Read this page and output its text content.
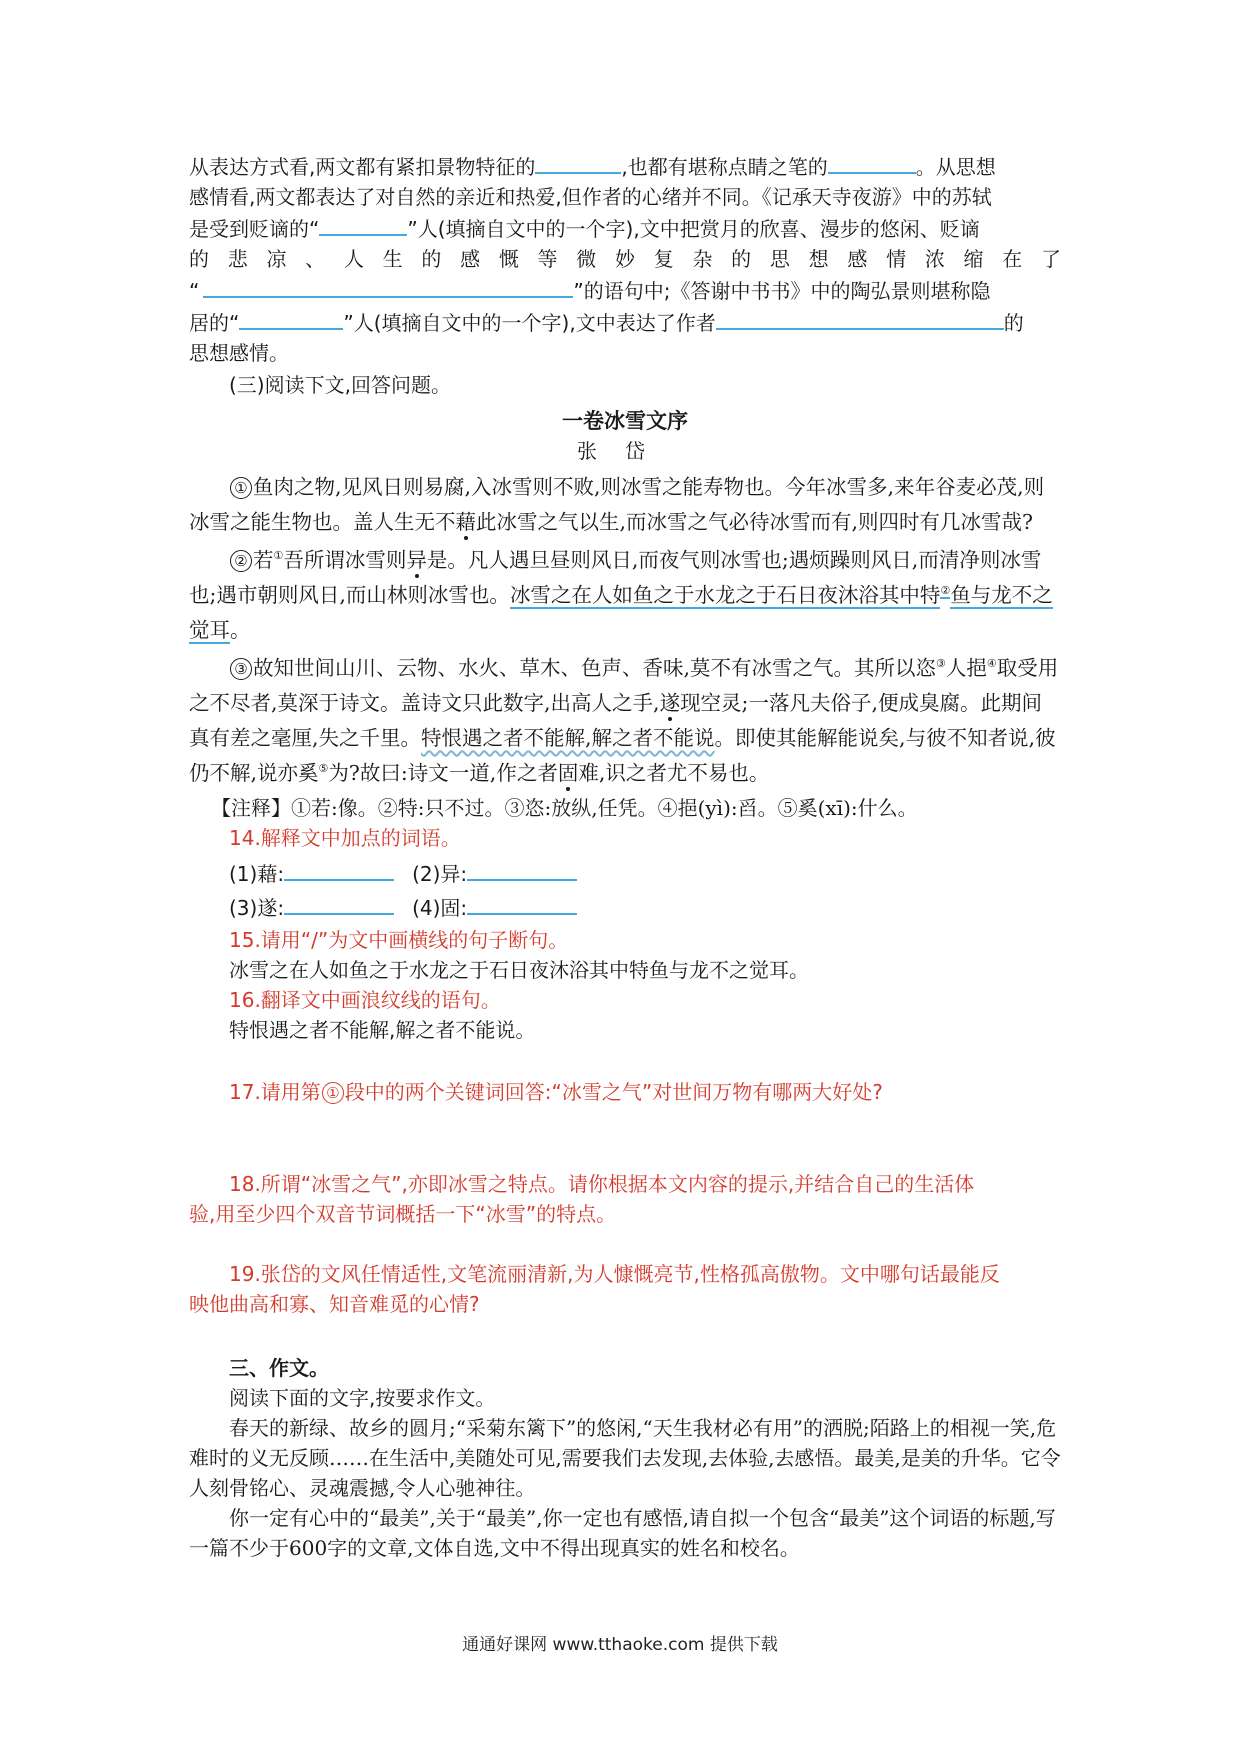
从表达方式看,两文都有紧扣景物特征的	,也都有堪称点睛之笔的	。从思想

感情看,两文都表达了对自然的亲近和热爱,但作者的心绪并不同。《记承天寺夜游》中的苏轼

是受到贬谪的“	”人(填摘自文中的一个字),文中把赏月的欣喜、漫步的悠闲、贬谪

的悲凉、人生的感慨等微妙复杂的思想感情浓缩在了

“	”的语句中;《答谢中书书》中的陶弘景则堪称隐

居的“	”人(填摘自文中的一个字),文中表达了作者	的

思想感情。

(三)阅读下文,回答问题。

一卷冰雪文序
张岱

① 鱼肉之物,见风日则易腐,入冰雪则不败,则冰雪之能寿物也。今年冰雪多,来年谷麦必茂,则冰雪之能生物也。盖人生无不藉此冰雪之气以生,而冰雪之气必待冰雪而有,则四时有几冰雪哉?

② 若①吾所谓冰雪则异是。凡人遇旦昼则风日,而夜气则冰雪也;遇烦躁则风日,而清净则冰雪也;遇市朝则风日,而山林则冰雪也。冰雪之在人如鱼之于水龙之于石日夜沐浴其中特②鱼与龙不之觉耳。

③ 故知世间山川、云物、水火、草木、色声、香味,莫不有冰雪之气。其所以恣③人挹④取受用之不尽者,莫深于诗文。盖诗文只此数字,出高人之手,遂现空灵;一落凡夫俗子,便成臭腐。此期间真有差之毫厘,失之千里。特恨遇之者不能解,解之者不能说。即使其能解能说矣,与彼不知者说,彼仍不解,说亦奚⑤为?故曰:诗文一道,作之者固难,识之者尤不易也。

【注释】①若:像。②特:只不过。③恣:放纵,任凭。④挹(yì):舀。⑤奚(xī):什么。

14.解释文中加点的词语。

(1)藉:	(2)异:

(3)遂:	(4)固:

15.请用“/”为文中画横线的句子断句。

冰雪之在人如鱼之于水龙之于石日夜沐浴其中特鱼与龙不之觉耳。

16.翻译文中画浪纹线的语句。

特恨遇之者不能解,解之者不能说。

17.请用第 ① 段中的两个关键词回答:“冰雪之气”对世间万物有哪两大好处?

18.所谓“冰雪之气”,亦即冰雪之特点。请你根据本文内容的提示,并结合自己的生活体

验,用至少四个双音节词概括一下“冰雪”的特点。

19.张岱的文风任情适性,文笔流丽清新,为人慷慨亮节,性格孤高傲物。文中哪句话最能反

映他曲高和寡、知音难觅的心情?

三、作文。

阅读下面的文字,按要求作文。

春天的新绿、故乡的圆月;“采菊东篱下”的悠闲,“天生我材必有用”的洒脱;陌路上的相视一笑,危难时的义无反顾……在生活中,美随处可见,需要我们去发现,去体验,去感悟。最美,是美的升华。它令人刻骨铭心、灵魂震撼,令人心驰神往。

你一定有心中的“最美”,关于“最美”,你一定也有感悟,请自拟一个包含“最美”这个词语的标题,写一篇不少于600字的文章,文体自选,文中不得出现真实的姓名和校名。

通通好课网 www.tthaoke.com 提供下载
